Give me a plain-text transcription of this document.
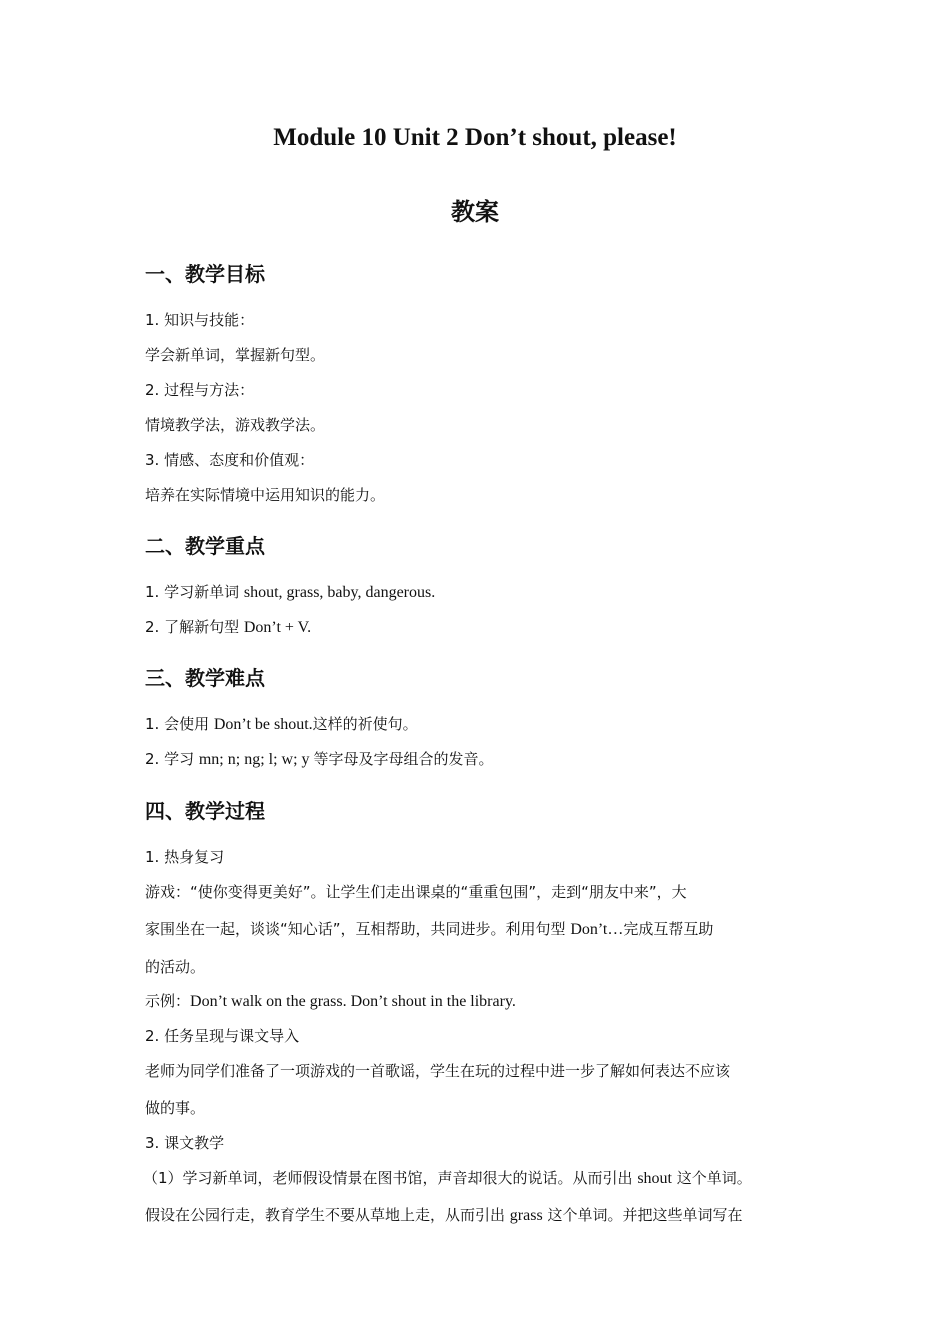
Module 10 Unit 2 Don’t shout, please!
教案
一、教学目标
1. 知识与技能：
学会新单词，掌握新句型。
2. 过程与方法：
情境教学法，游戏教学法。
3. 情感、态度和价值观：
培养在实际情境中运用知识的能力。
二、教学重点
1. 学习新单词 shout, grass, baby, dangerous.
2. 了解新句型 Don’t + V.
三、教学难点
1. 会使用 Don’t be shout.这样的祈使句。
2. 学习 mn; n; ng; l; w; y 等字母及字母组合的发音。
四、教学过程
1. 热身复习
游戏：“使你变得更美好”。让学生们走出课桌的“重重包围”，走到“朋友中来”，大
家围坐在一起，谈谈“知心话”，互相帮助，共同进步。利用句型 Don’t…完成互帮互助
的活动。
示例：Don’t walk on the grass. Don’t shout in the library.
2. 任务呈现与课文导入
老师为同学们准备了一项游戏的一首歌谣，学生在玩的过程中进一步了解如何表达不应该
做的事。
3. 课文教学
（1）学习新单词，老师假设情景在图书馆，声音却很大的说话。从而引出 shout 这个单词。
假设在公园行走，教育学生不要从草地上走，从而引出 grass 这个单词。并把这些单词写在
